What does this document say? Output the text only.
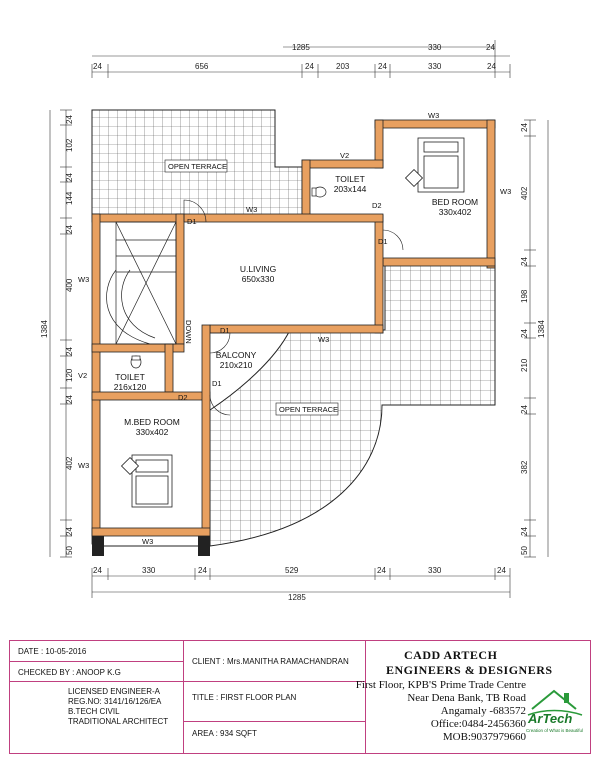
1285	330	24
24	656	24	203	24	330	24
24	330	24	529	24	330	24
1285
1384
24
102
24
144
24
400
24
120
24
402
24
50
24
402
24
198
24
210
24
382
24
50
1384
OPEN TERRACE
OPEN TERRACE
DOWN
TOILET
203x144
BED ROOM
330x402
U.LIVING
650x330
TOILET
216x120
BALCONY
210x210
M.BED ROOM
330x402
W3
W3
V2
W3	D2
D1
D1
W3
D1
W3
V2
D2
D1
W3
W3
DATE : 10-05-2016
CHECKED BY : ANOOP K.G
LICENSED ENGINEER-A
REG.NO: 3141/16/126/EA
B.TECH CIVIL
TRADITIONAL ARCHITECT
CLIENT : Mrs.MANITHA RAMACHANDRAN
TITLE : FIRST FLOOR PLAN
AREA : 934 SQFT
CADD ARTECH
ENGINEERS & DESIGNERS
First Floor, KPB'S Prime Trade Centre
Near Dena Bank, TB Road
Angamaly -683572
Office:0484-2456360
MOB:9037979660
ArTech
Creation of What is Beautiful
